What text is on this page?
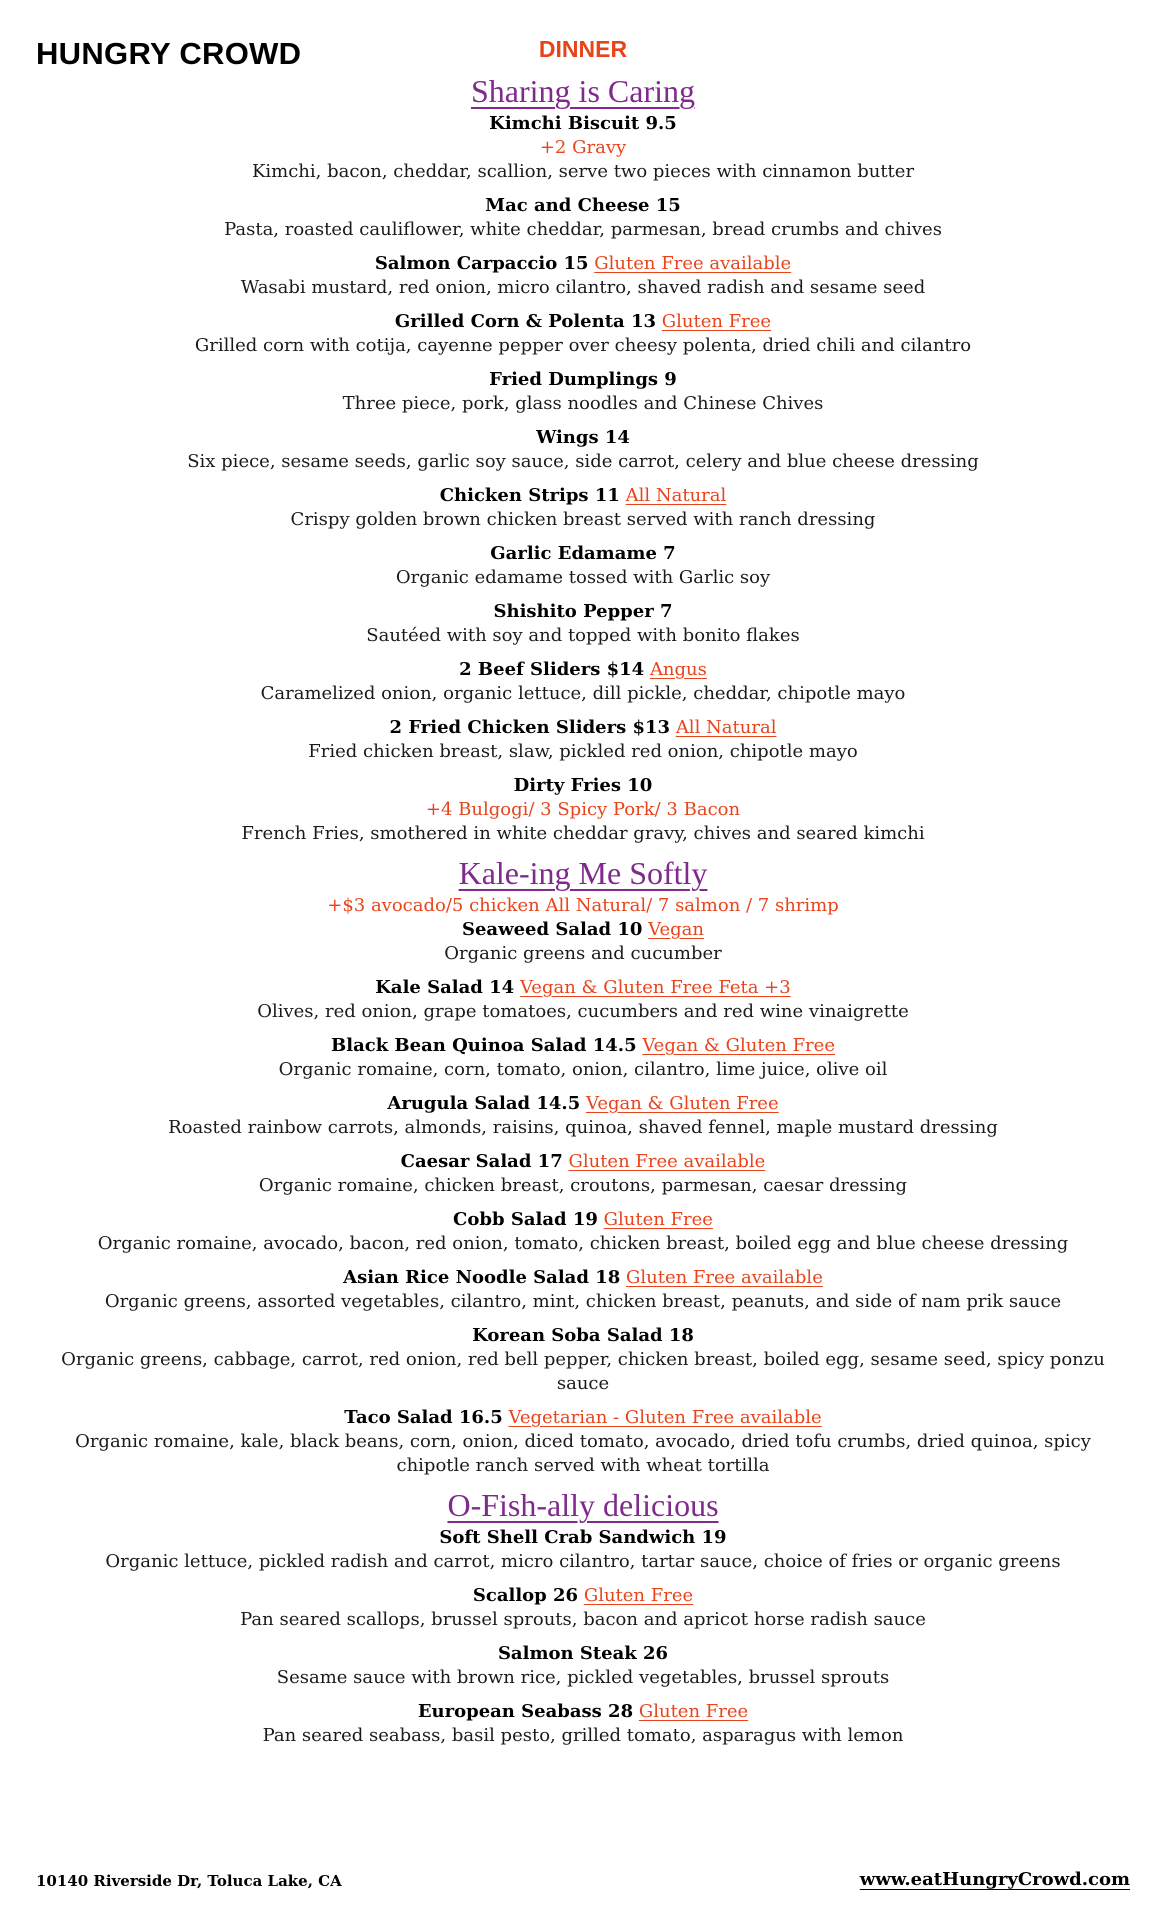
HUNGRY CROWD	DINNER
Sharing is Caring
Kimchi Biscuit 9.5
+2 Gravy
Kimchi, bacon, cheddar, scallion, serve two pieces with cinnamon butter
Mac and Cheese 15
Pasta, roasted cauliflower, white cheddar, parmesan, bread crumbs and chives
Salmon Carpaccio 15 Gluten Free available
Wasabi mustard, red onion, micro cilantro, shaved radish and sesame seed
Grilled Corn & Polenta 13 Gluten Free
Grilled corn with cotija, cayenne pepper over cheesy polenta, dried chili and cilantro
Fried Dumplings 9
Three piece, pork, glass noodles and Chinese Chives
Wings 14
Six piece, sesame seeds, garlic soy sauce, side carrot, celery and blue cheese dressing
Chicken Strips 11 All Natural
Crispy golden brown chicken breast served with ranch dressing
Garlic Edamame 7
Organic edamame tossed with Garlic soy
Shishito Pepper 7
Sautéed with soy and topped with bonito flakes
2 Beef Sliders $14 Angus
Caramelized onion, organic lettuce, dill pickle, cheddar, chipotle mayo
2 Fried Chicken Sliders $13 All Natural
Fried chicken breast, slaw, pickled red onion, chipotle mayo
Dirty Fries 10
+4 Bulgogi/ 3 Spicy Pork/ 3 Bacon
French Fries, smothered in white cheddar gravy, chives and seared kimchi
Kale-ing Me Softly
+$3 avocado/5 chicken All Natural/ 7 salmon / 7 shrimp
Seaweed Salad 10 Vegan
Organic greens and cucumber
Kale Salad 14 Vegan & Gluten Free Feta +3
Olives, red onion, grape tomatoes, cucumbers and red wine vinaigrette
Black Bean Quinoa Salad 14.5 Vegan & Gluten Free
Organic romaine, corn, tomato, onion, cilantro, lime juice, olive oil
Arugula Salad 14.5 Vegan & Gluten Free
Roasted rainbow carrots, almonds, raisins, quinoa, shaved fennel, maple mustard dressing
Caesar Salad 17 Gluten Free available
Organic romaine, chicken breast, croutons, parmesan, caesar dressing
Cobb Salad 19 Gluten Free
Organic romaine, avocado, bacon, red onion, tomato, chicken breast, boiled egg and blue cheese dressing
Asian Rice Noodle Salad 18 Gluten Free available
Organic greens, assorted vegetables, cilantro, mint, chicken breast, peanuts, and side of nam prik sauce
Korean Soba Salad 18
Organic greens, cabbage, carrot, red onion, red bell pepper, chicken breast, boiled egg, sesame seed, spicy ponzu sauce
Taco Salad 16.5 Vegetarian - Gluten Free available
Organic romaine, kale, black beans, corn, onion, diced tomato, avocado, dried tofu crumbs, dried quinoa, spicy chipotle ranch served with wheat tortilla
O-Fish-ally delicious
Soft Shell Crab Sandwich 19
Organic lettuce, pickled radish and carrot, micro cilantro, tartar sauce, choice of fries or organic greens
Scallop 26 Gluten Free
Pan seared scallops, brussel sprouts, bacon and apricot horse radish sauce
Salmon Steak 26
Sesame sauce with brown rice, pickled vegetables, brussel sprouts
European Seabass 28 Gluten Free
Pan seared seabass, basil pesto, grilled tomato, asparagus with lemon
10140 Riverside Dr, Toluca Lake, CA	www.eatHungryCrowd.com
